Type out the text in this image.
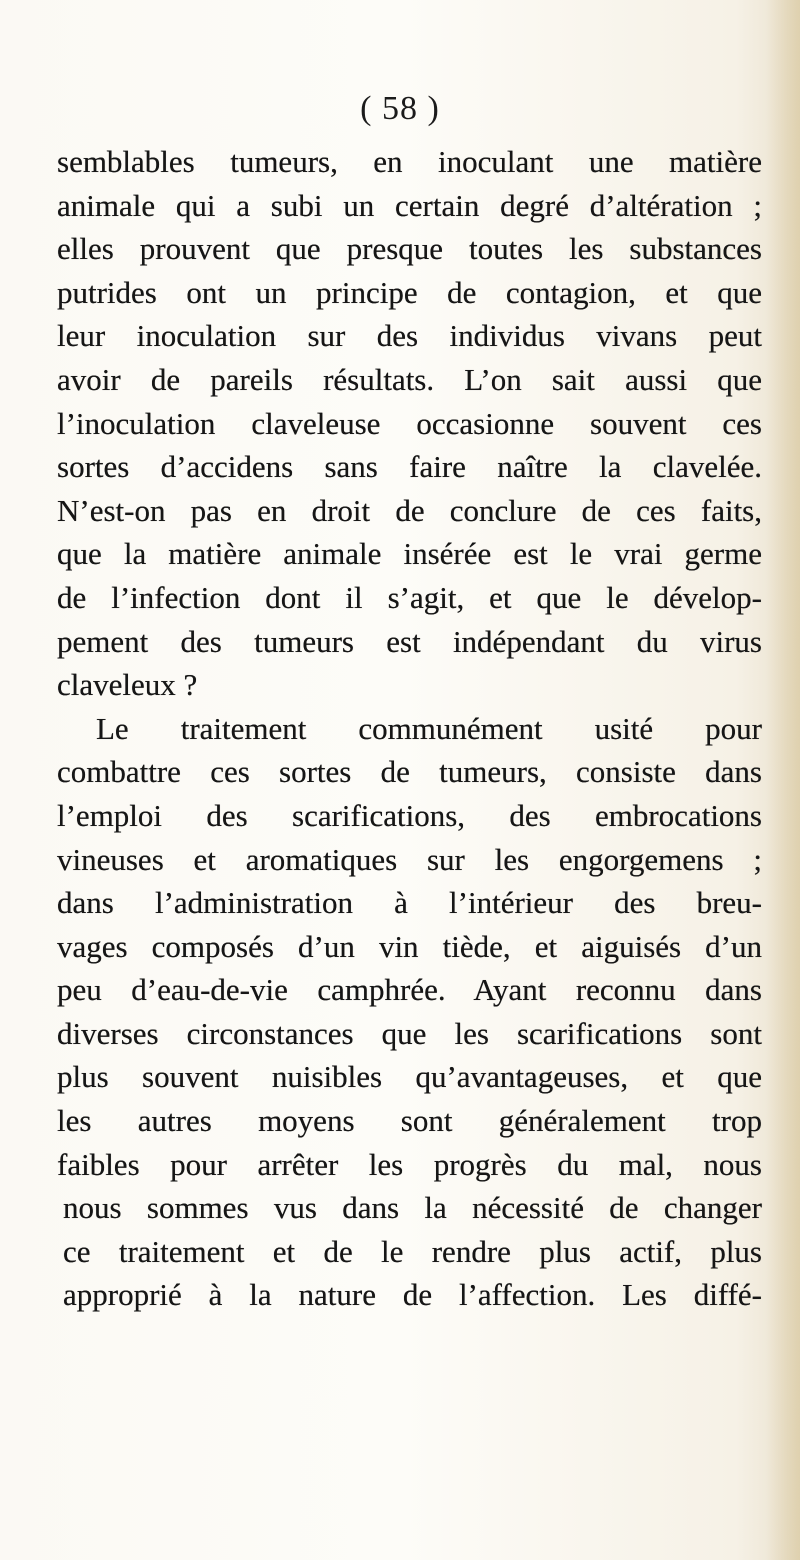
( 58 )
semblables tumeurs, en inoculant une matière
animale qui a subi un certain degré d’altération ;
elles prouvent que presque toutes les substances
putrides ont un principe de contagion, et que
leur inoculation sur des individus vivans peut
avoir de pareils résultats. L’on sait aussi que
l’inoculation claveleuse occasionne souvent ces
sortes d’accidens sans faire naître la clavelée.
N’est-on pas en droit de conclure de ces faits,
que la matière animale insérée est le vrai germe
de l’infection dont il s’agit, et que le dévelop-
pement des tumeurs est indépendant du virus
claveleux ?
Le traitement communément usité pour
combattre ces sortes de tumeurs, consiste dans
l’emploi des scarifications, des embrocations
vineuses et aromatiques sur les engorgemens ;
dans l’administration à l’intérieur des breu-
vages composés d’un vin tiède, et aiguisés d’un
peu d’eau-de-vie camphrée. Ayant reconnu dans
diverses circonstances que les scarifications sont
plus souvent nuisibles qu’avantageuses, et que
les autres moyens sont généralement trop
faibles pour arrêter les progrès du mal, nous
nous sommes vus dans la nécessité de changer
ce traitement et de le rendre plus actif, plus
approprié à la nature de l’affection. Les diffé-
